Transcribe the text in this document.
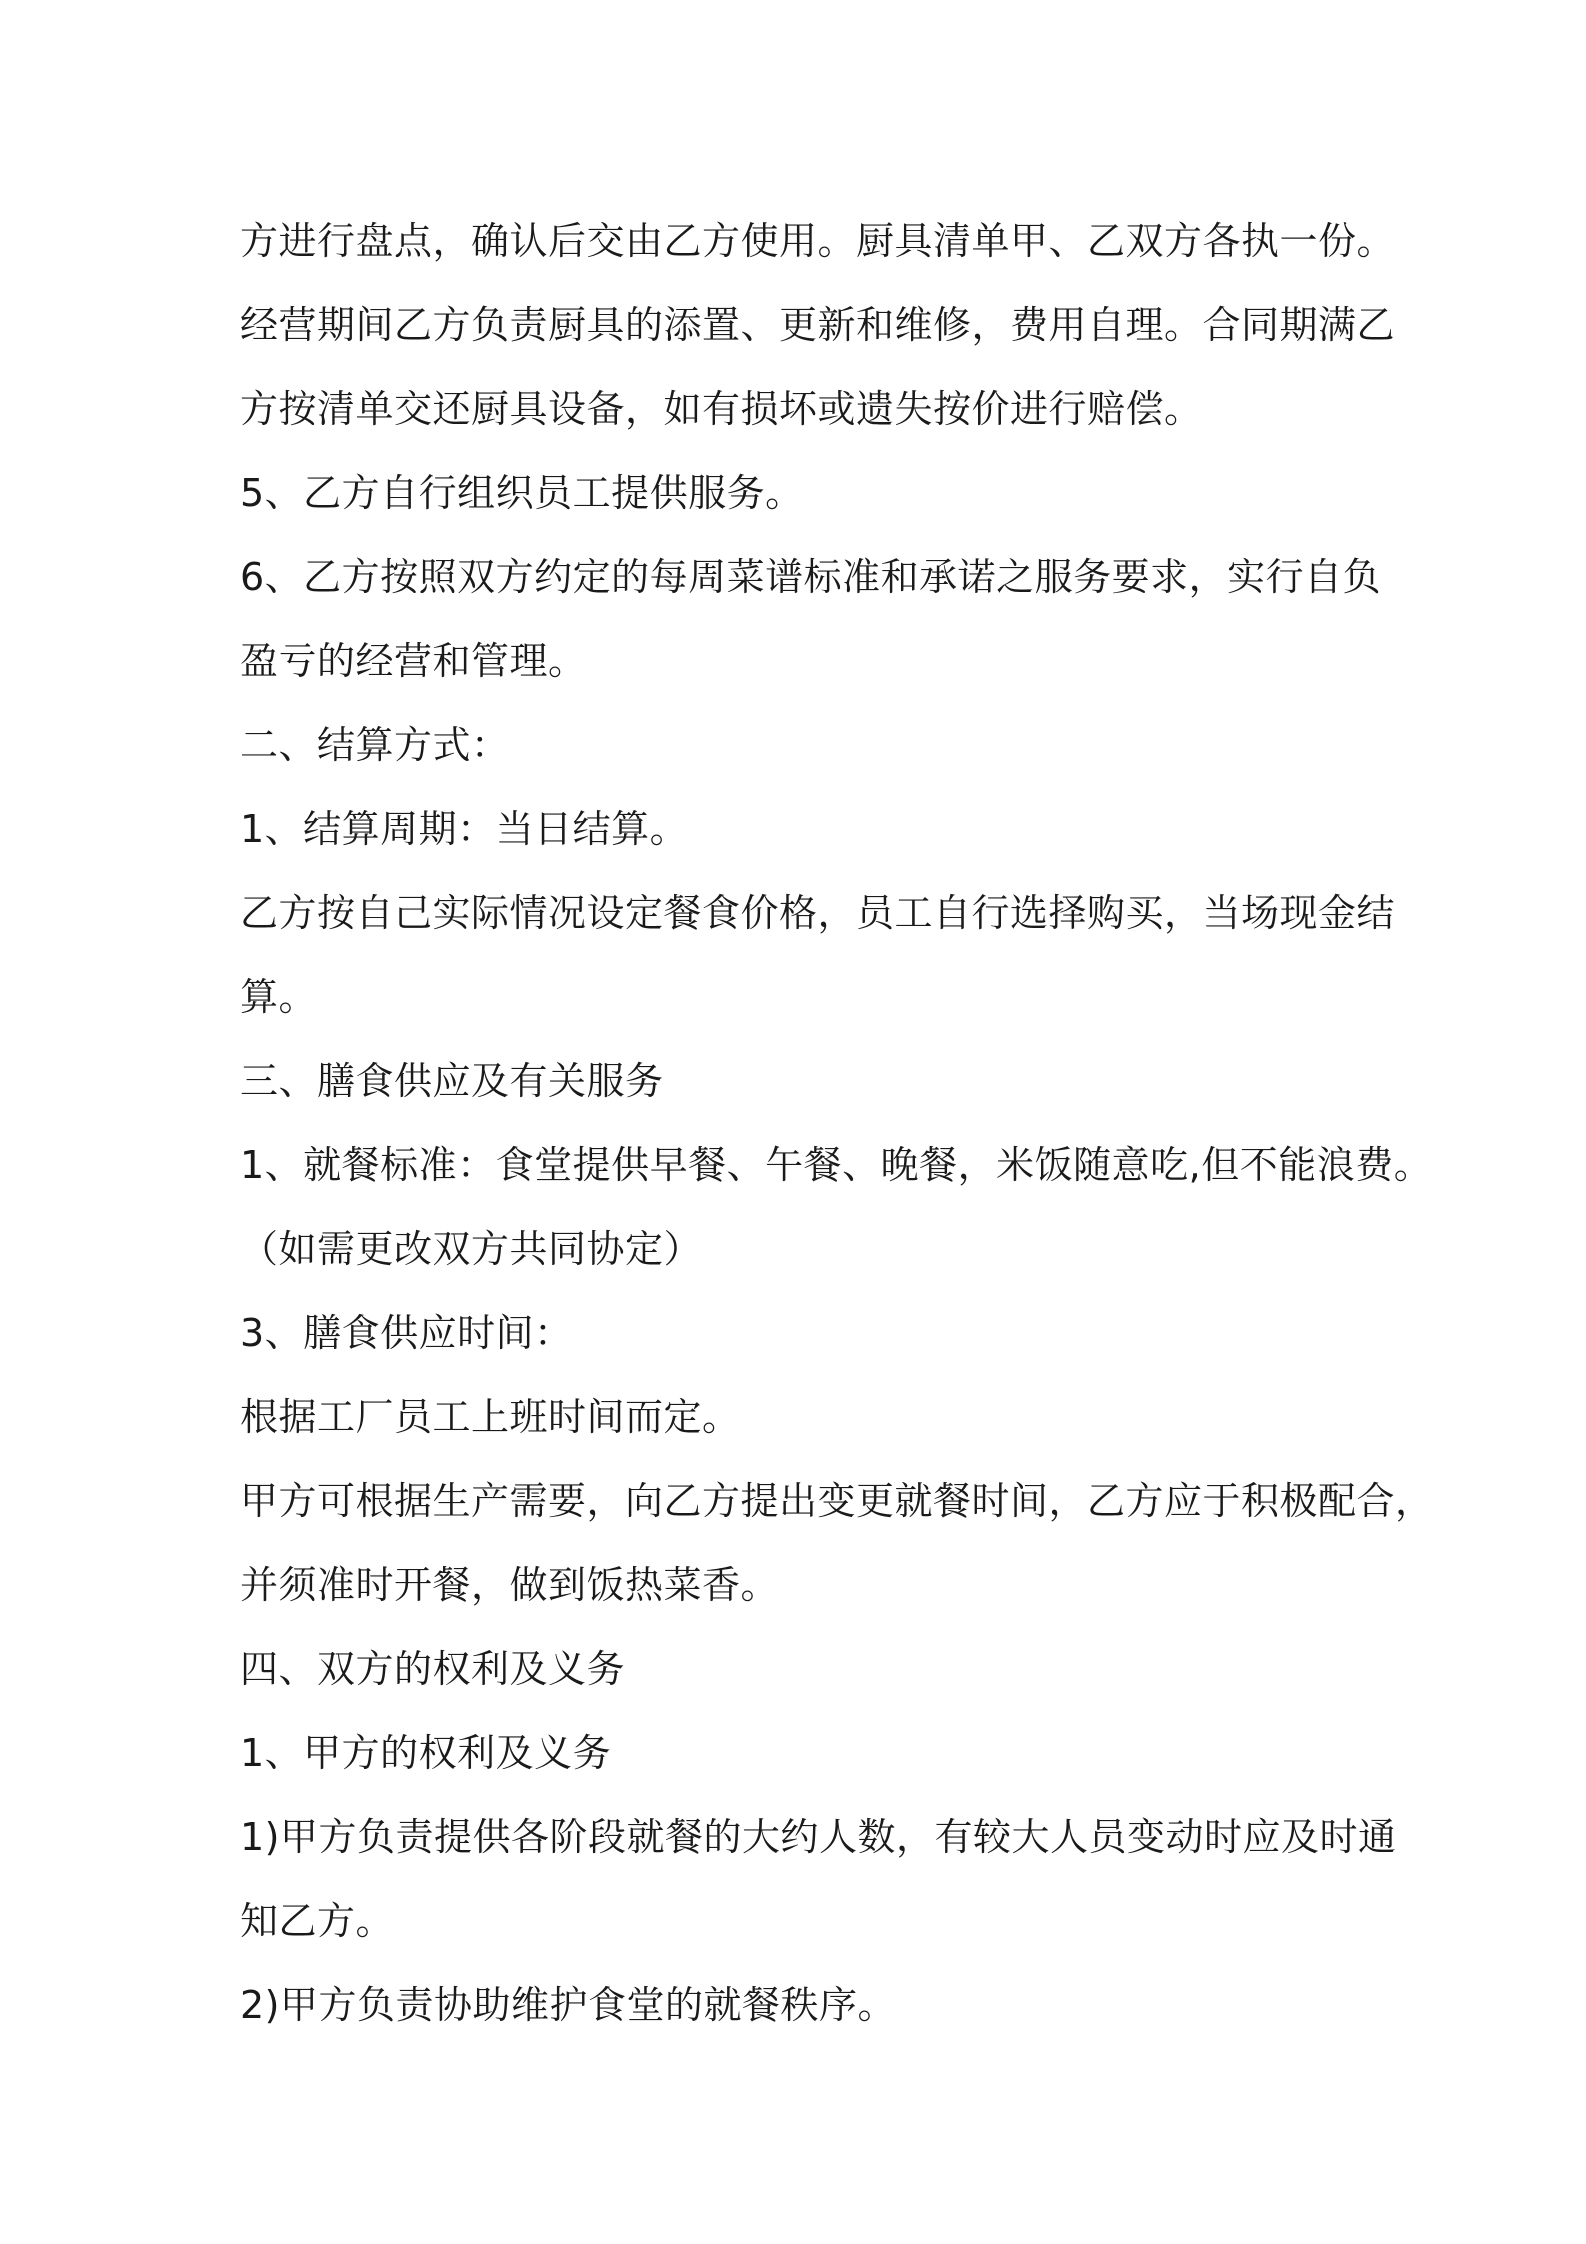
方进行盘点，确认后交由乙方使用。厨具清单甲、乙双方各执一份。
经营期间乙方负责厨具的添置、更新和维修，费用自理。合同期满乙
方按清单交还厨具设备，如有损坏或遗失按价进行赔偿。
5、乙方自行组织员工提供服务。
6、乙方按照双方约定的每周菜谱标准和承诺之服务要求，实行自负
盈亏的经营和管理。
二、结算方式：
1、结算周期：当日结算。
乙方按自己实际情况设定餐食价格，员工自行选择购买，当场现金结
算。
三、膳食供应及有关服务
1、就餐标准：食堂提供早餐、午餐、晚餐，米饭随意吃,但不能浪费。
（如需更改双方共同协定）
3、膳食供应时间：
根据工厂员工上班时间而定。
甲方可根据生产需要，向乙方提出变更就餐时间，乙方应于积极配合，
并须准时开餐，做到饭热菜香。
四、双方的权利及义务
1、甲方的权利及义务
1)甲方负责提供各阶段就餐的大约人数，有较大人员变动时应及时通
知乙方。
2)甲方负责协助维护食堂的就餐秩序。
